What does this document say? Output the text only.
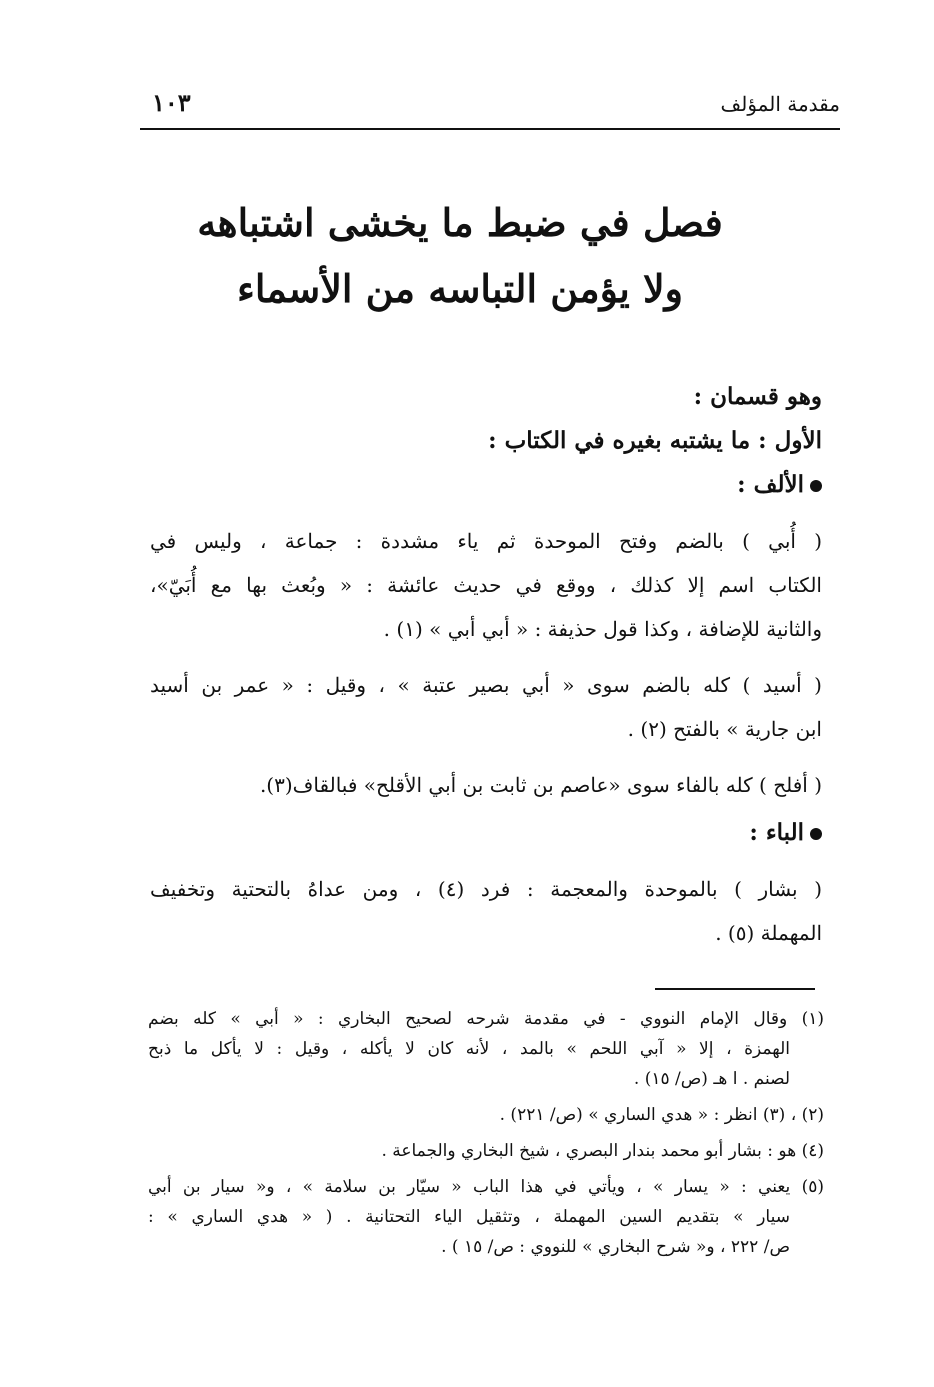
مقدمة المؤلف
١٠٣
فصل في ضبط ما يخشى اشتباهه
ولا يؤمن التباسه من الأسماء
وهو قسمان :
الأول : ما يشتبه بغيره في الكتاب :
الألف :
( أُبي ) بالضم وفتح الموحدة ثم ياء مشددة : جماعة ، وليس في
الكتاب اسم إلا كذلك ، ووقع في حديث عائشة : « وبُعث بها مع أُبَيّ»،
والثانية للإضافة ، وكذا قول حذيفة : « أبي أبي » (١) .
( أسيد ) كله بالضم سوى « أبي بصير عتبة » ، وقيل : « عمر بن أسيد
ابن جارية » بالفتح (٢) .
( أفلح ) كله بالفاء سوى «عاصم بن ثابت بن أبي الأقلح» فبالقاف(٣).
الباء :
( بشار ) بالموحدة والمعجمة : فرد (٤) ، ومن عداهُ بالتحتية وتخفيف
المهملة (٥) .
(١) وقال الإمام النووي - في مقدمة شرحه لصحيح البخاري : « أبي » كله بضم
الهمزة ، إلا « آبي اللحم » بالمد ، لأنه كان لا يأكله ، وقيل : لا يأكل ما ذبح
لصنم . ا هـ (ص/ ١٥) .
(٢) ، (٣) انظر : « هدي الساري » (ص/ ٢٢١) .
(٤) هو : بشار أبو محمد بندار البصري ، شيخ البخاري والجماعة .
(٥) يعني : « يسار » ، ويأتي في هذا الباب « سيّار بن سلامة » ، و« سيار بن أبي
سيار » بتقديم السين المهملة ، وتثقيل الياء التحتانية . ( « هدي الساري » :
ص/ ٢٢٢ ، و« شرح البخاري » للنووي : ص/ ١٥ ) .
